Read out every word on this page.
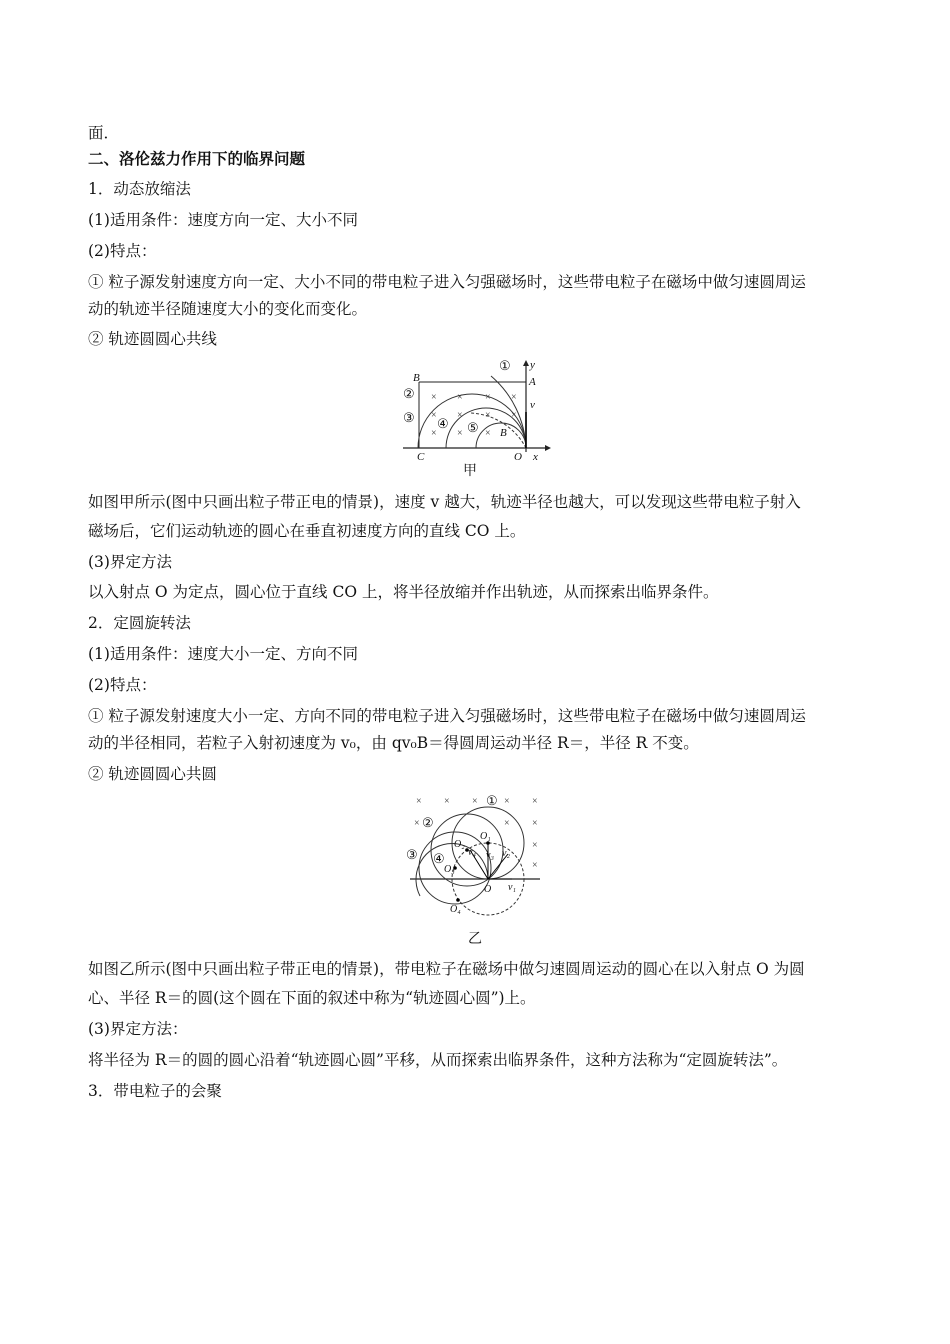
面．
二、洛伦兹力作用下的临界问题
1．动态放缩法
(1)适用条件：速度方向一定、大小不同
(2)特点：
① 粒子源发射速度方向一定、大小不同的带电粒子进入匀强磁场时，这些带电粒子在磁场中做匀速圆周运
动的轨迹半径随速度大小的变化而变化。
② 轨迹圆圆心共线
× × × ×
× × × ×
× × ×
B
C	O x
y
A
v
B
①
②
③ ④ ⑤
甲
如图甲所示(图中只画出粒子带正电的情景)，速度 v 越大，轨迹半径也越大，可以发现这些带电粒子射入
磁场后，它们运动轨迹的圆心在垂直初速度方向的直线 CO 上。
(3)界定方法
以入射点 O 为定点，圆心位于直线 CO 上，将半径放缩并作出轨迹，从而探索出临界条件。
2．定圆旋转法
(1)适用条件：速度大小一定、方向不同
(2)特点：
① 粒子源发射速度大小一定、方向不同的带电粒子进入匀强磁场时，这些带电粒子在磁场中做匀速圆周运
动的半径相同，若粒子入射初速度为 v₀，由 qv₀B＝得圆周运动半径 R＝，半径 R 不变。
② 轨迹圆圆心共圆
× × ×	× ×
×	× ×
×
×
①
②
③ ④
O
O₁
O₂
O₃
O₄
v₁
v₂
v₃
v₄
乙
如图乙所示(图中只画出粒子带正电的情景)，带电粒子在磁场中做匀速圆周运动的圆心在以入射点 O 为圆
心、半径 R＝的圆(这个圆在下面的叙述中称为“轨迹圆心圆”)上。
(3)界定方法：
将半径为 R＝的圆的圆心沿着“轨迹圆心圆”平移，从而探索出临界条件，这种方法称为“定圆旋转法”。
3．带电粒子的会聚
